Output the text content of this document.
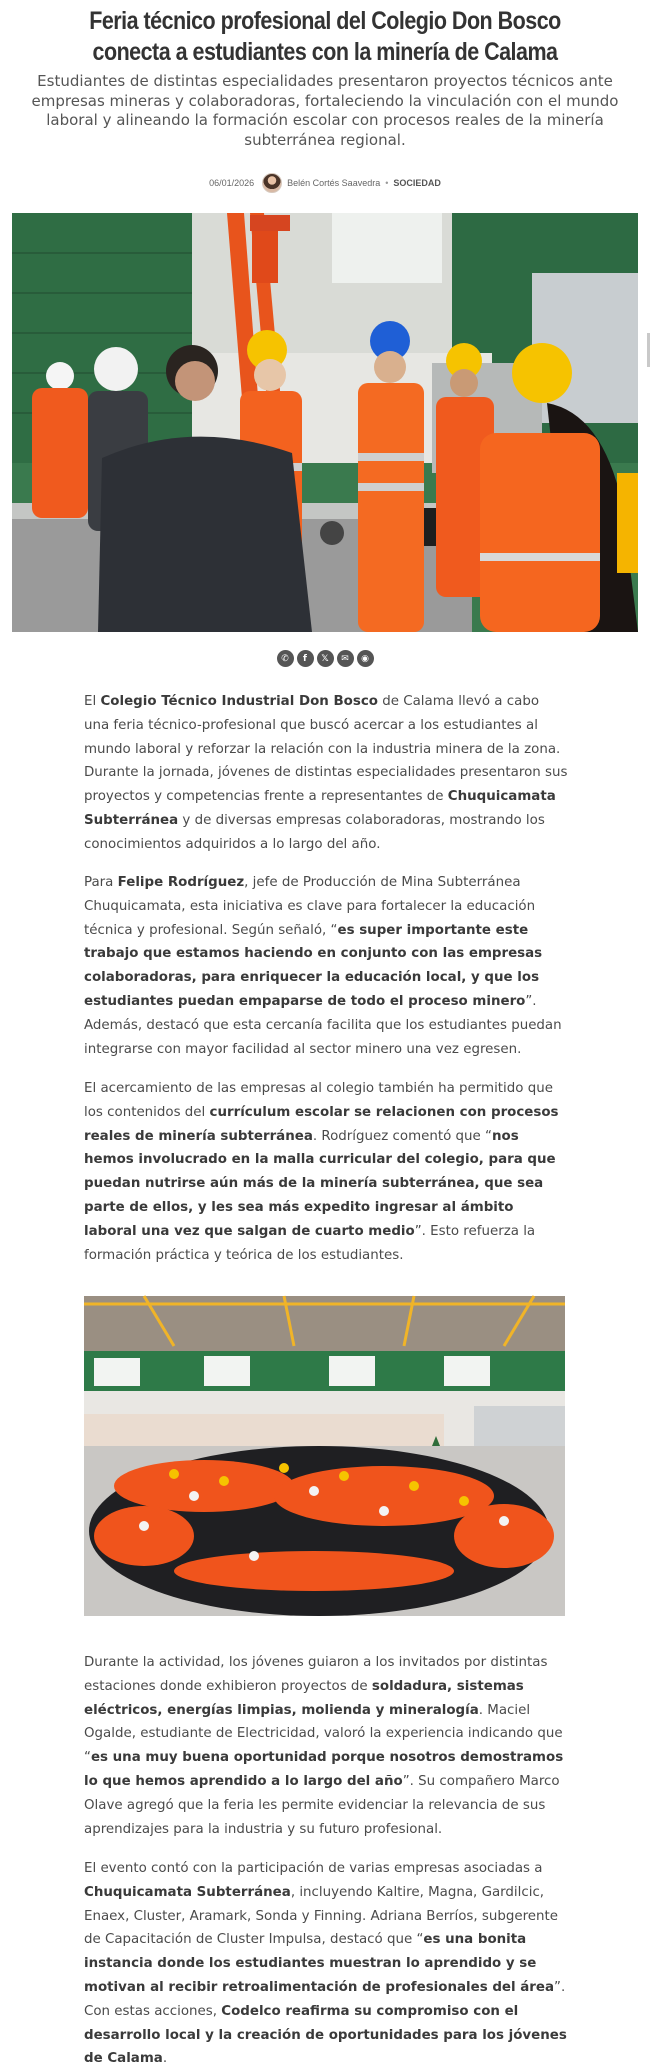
Feria técnico profesional del Colegio Don Bosco conecta a estudiantes con la minería de Calama

Estudiantes de distintas especialidades presentaron proyectos técnicos ante empresas mineras y colaboradoras, fortaleciendo la vinculación con el mundo laboral y alineando la formación escolar con procesos reales de la minería subterránea regional.

06/01/2026	Belén Cortés Saavedra • SOCIEDAD
✆	f	𝕏	✉	◉

El Colegio Técnico Industrial Don Bosco de Calama llevó a cabo una feria técnico-profesional que buscó acercar a los estudiantes al mundo laboral y reforzar la relación con la industria minera de la zona. Durante la jornada, jóvenes de distintas especialidades presentaron sus proyectos y competencias frente a representantes de Chuquicamata Subterránea y de diversas empresas colaboradoras, mostrando los conocimientos adquiridos a lo largo del año.

Para Felipe Rodríguez, jefe de Producción de Mina Subterránea Chuquicamata, esta iniciativa es clave para fortalecer la educación técnica y profesional. Según señaló, “es super importante este trabajo que estamos haciendo en conjunto con las empresas colaboradoras, para enriquecer la educación local, y que los estudiantes puedan empaparse de todo el proceso minero”. Además, destacó que esta cercanía facilita que los estudiantes puedan integrarse con mayor facilidad al sector minero una vez egresen.

El acercamiento de las empresas al colegio también ha permitido que los contenidos del currículum escolar se relacionen con procesos reales de minería subterránea. Rodríguez comentó que “nos hemos involucrado en la malla curricular del colegio, para que puedan nutrirse aún más de la minería subterránea, que sea parte de ellos, y les sea más expedito ingresar al ámbito laboral una vez que salgan de cuarto medio”. Esto refuerza la formación práctica y teórica de los estudiantes.

Durante la actividad, los jóvenes guiaron a los invitados por distintas estaciones donde exhibieron proyectos de soldadura, sistemas eléctricos, energías limpias, molienda y mineralogía. Maciel Ogalde, estudiante de Electricidad, valoró la experiencia indicando que “es una muy buena oportunidad porque nosotros demostramos lo que hemos aprendido a lo largo del año”. Su compañero Marco Olave agregó que la feria les permite evidenciar la relevancia de sus aprendizajes para la industria y su futuro profesional.

El evento contó con la participación de varias empresas asociadas a Chuquicamata Subterránea, incluyendo Kaltire, Magna, Gardilcic, Enaex, Cluster, Aramark, Sonda y Finning. Adriana Berríos, subgerente de Capacitación de Cluster Impulsa, destacó que “es una bonita instancia donde los estudiantes muestran lo aprendido y se motivan al recibir retroalimentación de profesionales del área”. Con estas acciones, Codelco reafirma su compromiso con el desarrollo local y la creación de oportunidades para los jóvenes de Calama.
